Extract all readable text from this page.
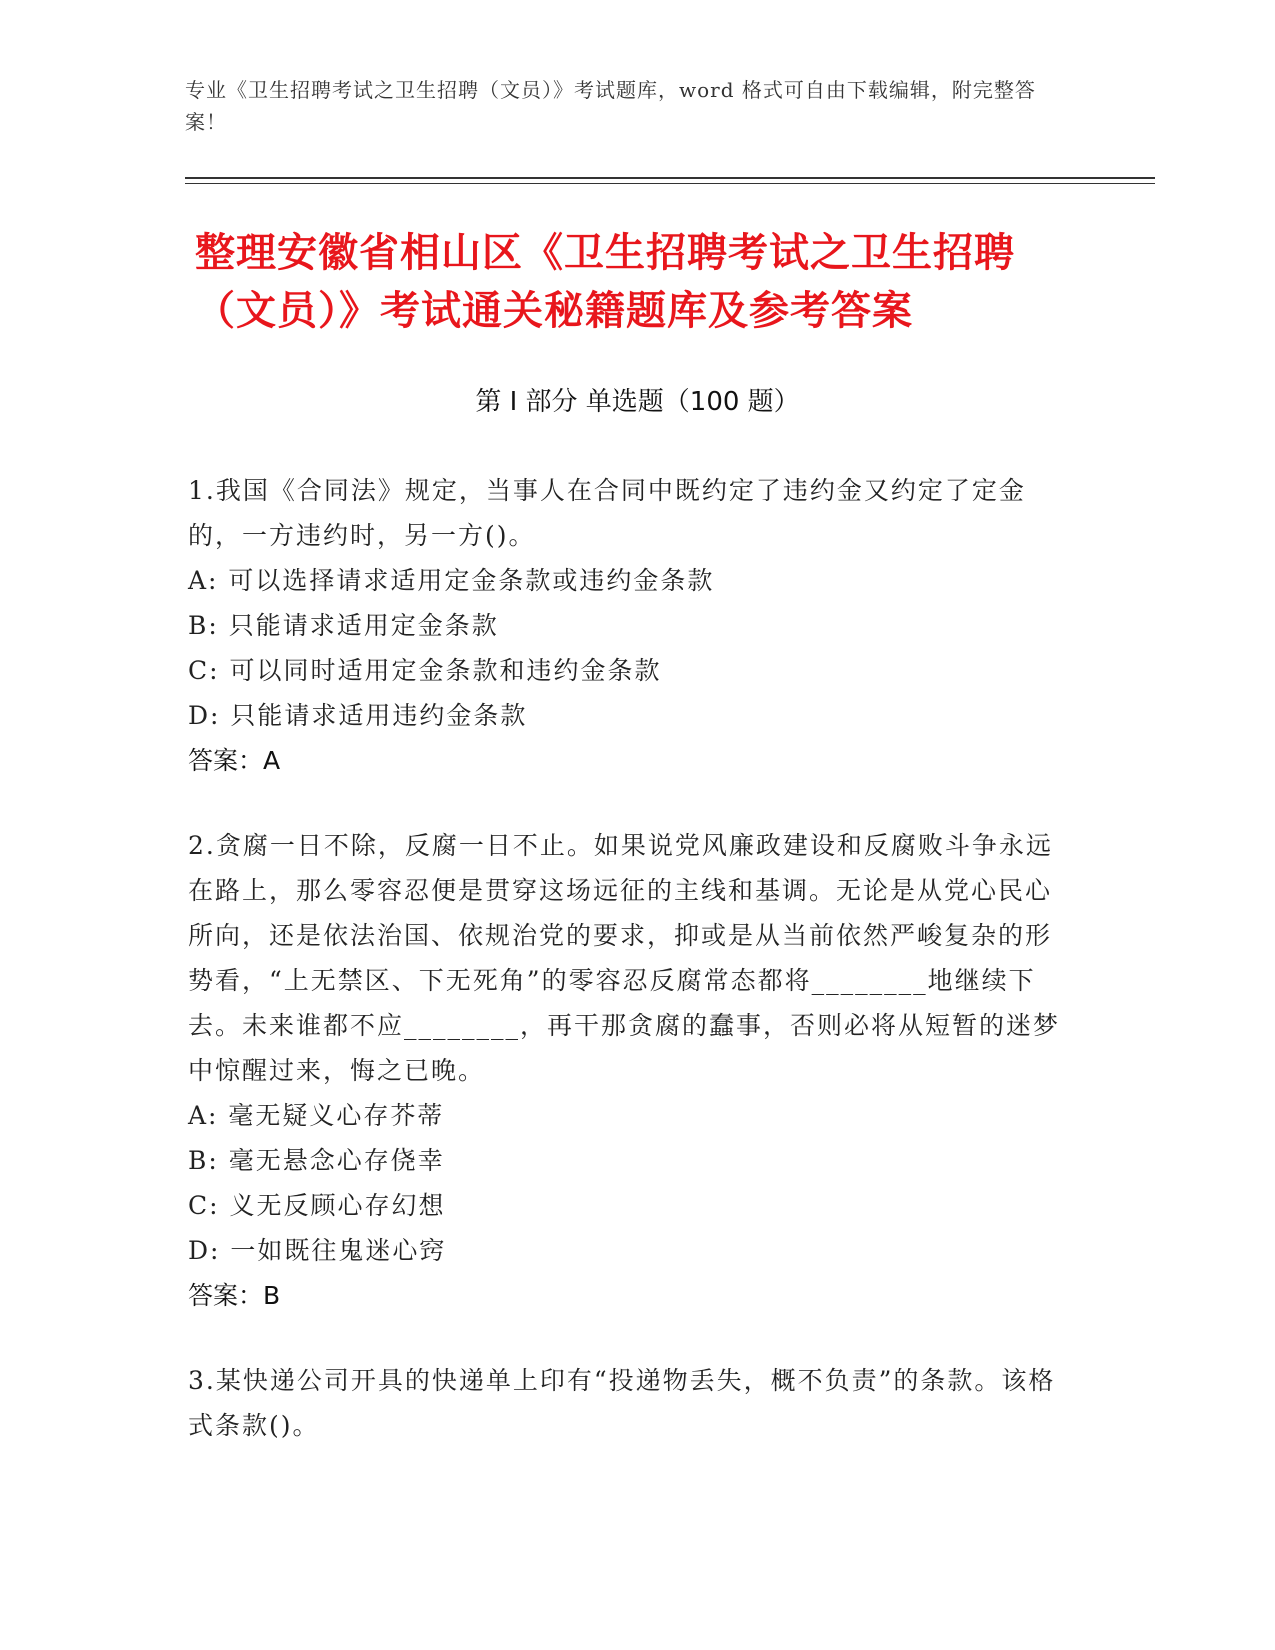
专业《卫生招聘考试之卫生招聘（文员）》考试题库，word 格式可自由下载编辑，附完整答案！
整理安徽省相山区《卫生招聘考试之卫生招聘（文员）》考试通关秘籍题库及参考答案
第 I 部分 单选题（100 题）

1.我国《合同法》规定，当事人在合同中既约定了违约金又约定了定金的，一方违约时，另一方()。

A: 可以选择请求适用定金条款或违约金条款

B: 只能请求适用定金条款

C: 可以同时适用定金条款和违约金条款

D: 只能请求适用违约金条款

答案：A

2.贪腐一日不除，反腐一日不止。如果说党风廉政建设和反腐败斗争永远在路上，那么零容忍便是贯穿这场远征的主线和基调。无论是从党心民心所向，还是依法治国、依规治党的要求，抑或是从当前依然严峻复杂的形势看，“上无禁区、下无死角”的零容忍反腐常态都将________地继续下去。未来谁都不应________，再干那贪腐的蠢事，否则必将从短暂的迷梦中惊醒过来，悔之已晚。

A: 毫无疑义心存芥蒂

B: 毫无悬念心存侥幸

C: 义无反顾心存幻想

D: 一如既往鬼迷心窍

答案：B

3.某快递公司开具的快递单上印有“投递物丢失，概不负责”的条款。该格式条款()。
